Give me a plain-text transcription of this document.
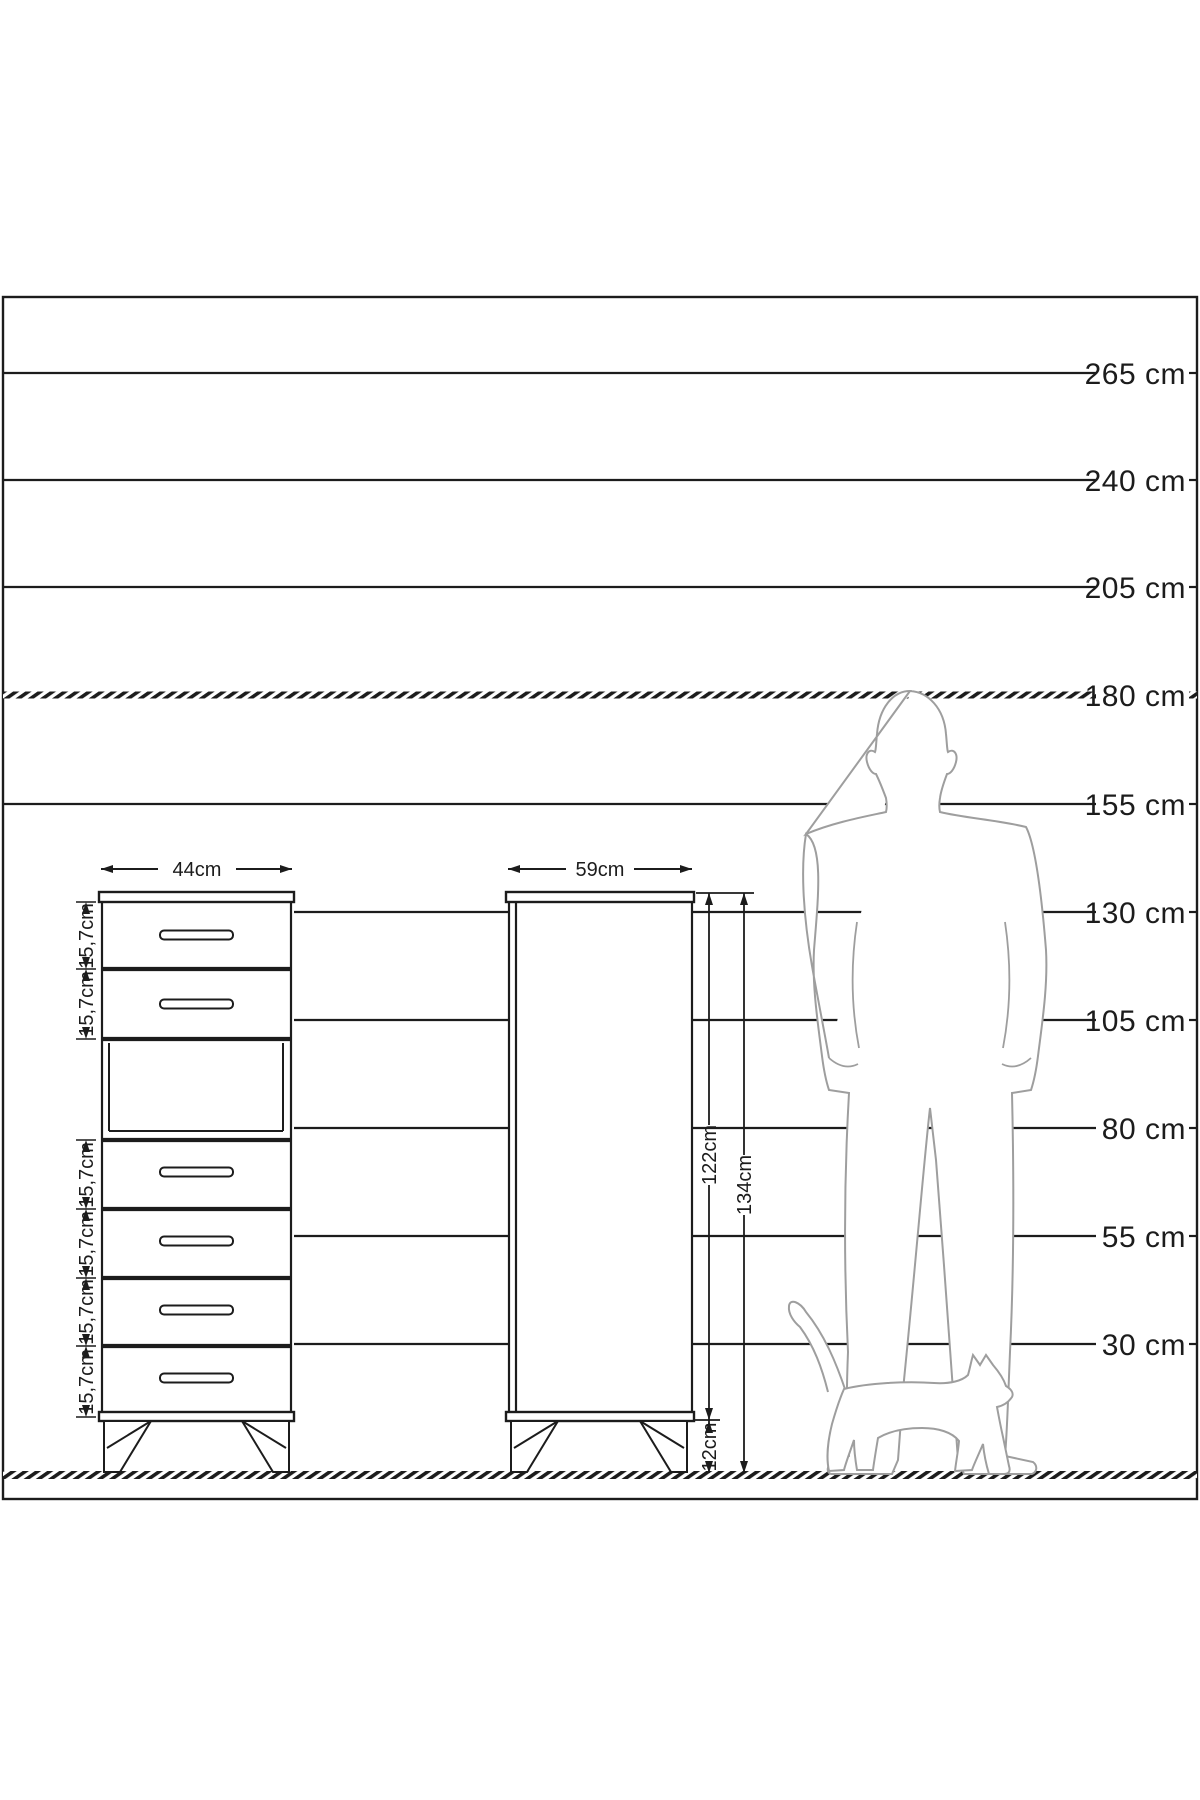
265 cm
240 cm
205 cm
180 cm
155 cm
130 cm
105 cm
80 cm
55 cm
30 cm
44cm	59cm
15,7cm
15,7cm
15,7cm
15,7cm
15,7cm
15,7cm
122cm 134cm
12cm
